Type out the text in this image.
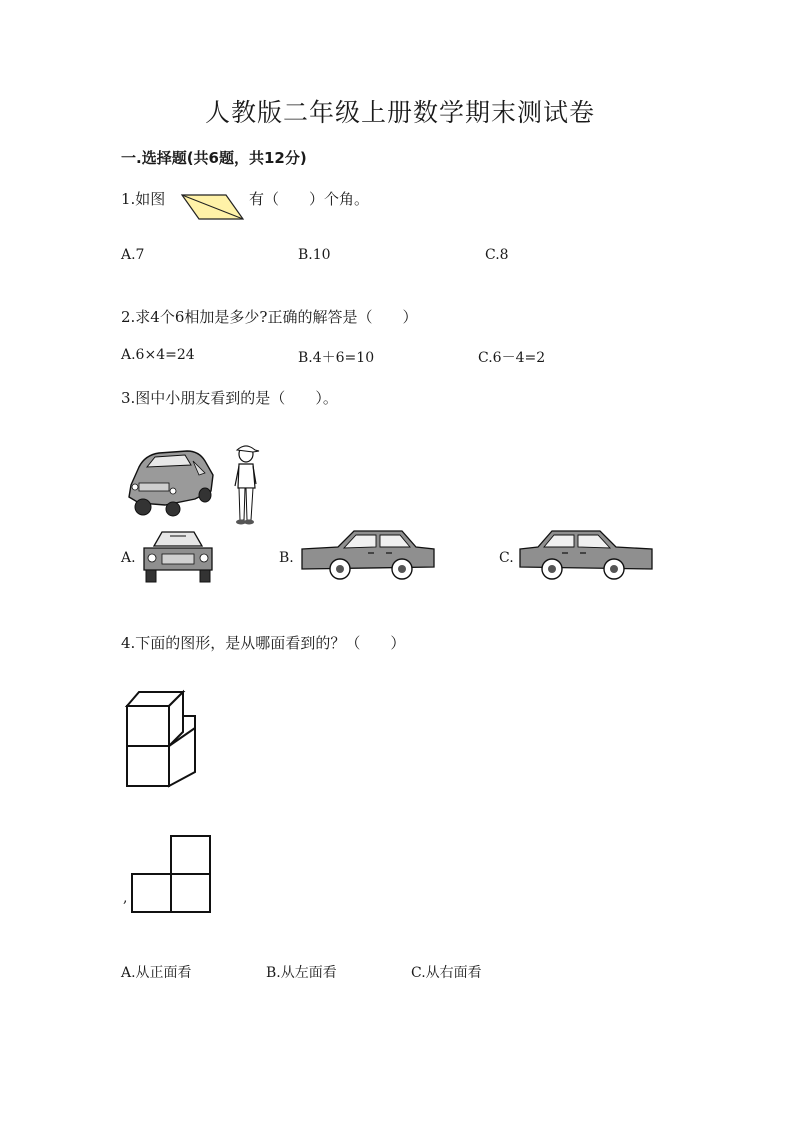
人教版二年级上册数学期末测试卷
一.选择题(共6题，共12分)
1.如图	有（　　）个角。
A.7	B.10	C.8
2.求4个6相加是多少?正确的解答是（　　）
A.6×4=24	B.4＋6=10	C.6－4=2
3.图中小朋友看到的是（　　）。
A.	B.	C.
4.下面的图形，是从哪面看到的？（　　）
,
A.从正面看	B.从左面看	C.从右面看
